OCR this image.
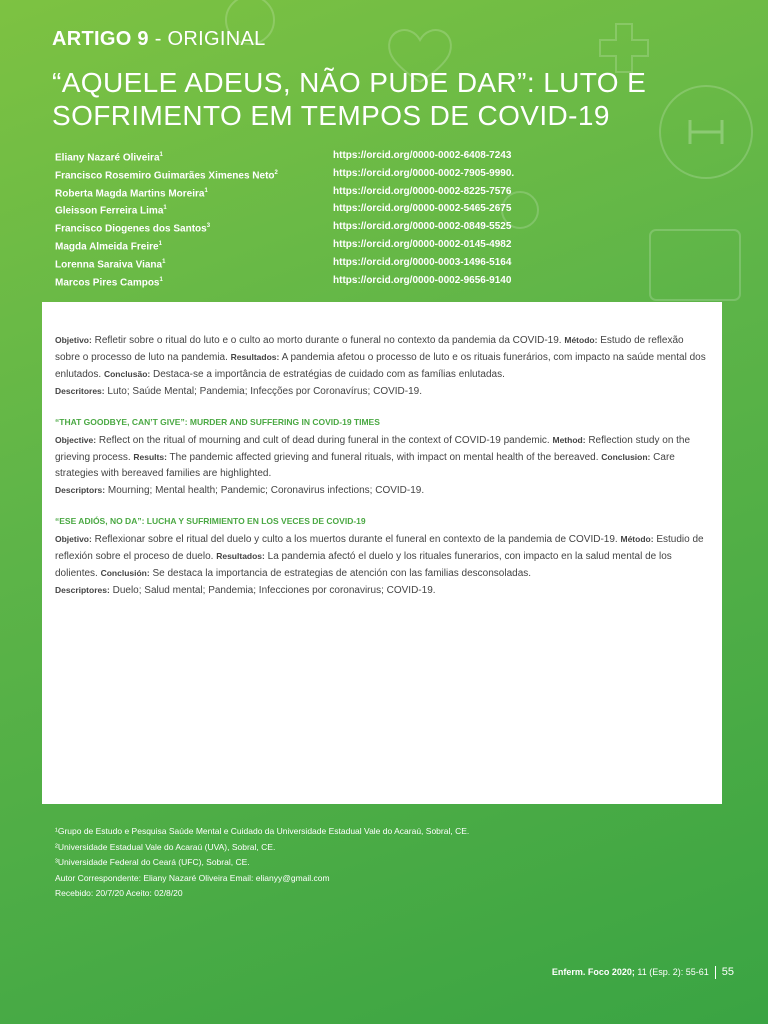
ARTIGO 9 - ORIGINAL
“AQUELE ADEUS, NÃO PUDE DAR”: LUTO E SOFRIMENTO EM TEMPOS DE COVID-19
Eliany Nazaré Oliveira$^1$	https://orcid.org/0000-0002-6408-7243
Francisco Rosemiro Guimarães Ximenes Neto$^2$	https://orcid.org/0000-0002-7905-9990.
Roberta Magda Martins Moreira$^1$	https://orcid.org/0000-0002-8225-7576
Gleisson Ferreira Lima$^1$	https://orcid.org/0000-0002-5465-2675
Francisco Diogenes dos Santos$^3$	https://orcid.org/0000-0002-0849-5525
Magda Almeida Freire$^1$	https://orcid.org/0000-0002-0145-4982
Lorenna Saraiva Viana$^1$	https://orcid.org/0000-0003-1496-5164
Marcos Pires Campos$^1$	https://orcid.org/0000-0002-9656-9140
Objetivo: Refletir sobre o ritual do luto e o culto ao morto durante o funeral no contexto da pandemia da COVID-19. Método: Estudo de reflexão sobre o processo de luto na pandemia. Resultados: A pandemia afetou o processo de luto e os rituais funerários, com impacto na saúde mental dos enlutados. Conclusão: Destaca-se a importância de estratégias de cuidado com as famílias enlutadas.
Descritores: Luto; Saúde Mental; Pandemia; Infecções por Coronavírus; COVID-19.
“THAT GOODBYE, CAN’T GIVE”: MURDER AND SUFFERING IN COVID-19 TIMES
Objective: Reflect on the ritual of mourning and cult of dead during funeral in the context of COVID-19 pandemic. Method: Reflection study on the grieving process. Results: The pandemic affected grieving and funeral rituals, with impact on mental health of the bereaved. Conclusion: Care strategies with bereaved families are highlighted.
Descriptors: Mourning; Mental health; Pandemic; Coronavirus infections; COVID-19.
“ESE ADIÓS, NO DA”: LUCHA Y SUFRIMIENTO EN LOS VECES DE COVID-19
Objetivo: Reflexionar sobre el ritual del duelo y culto a los muertos durante el funeral en contexto de la pandemia de COVID-19. Método: Estudio de reflexión sobre el proceso de duelo. Resultados: La pandemia afectó el duelo y los rituales funerarios, con impacto en la salud mental de los dolientes. Conclusión: Se destaca la importancia de estrategias de atención con las familias desconsoladas.
Descriptores: Duelo; Salud mental; Pandemia; Infecciones por coronavirus; COVID-19.
¹Grupo de Estudo e Pesquisa Saúde Mental e Cuidado da Universidade Estadual Vale do Acaraú, Sobral, CE.
²Universidade Estadual Vale do Acaraú (UVA), Sobral, CE.
³Universidade Federal do Ceará (UFC), Sobral, CE.
Autor Correspondente: Eliany Nazaré Oliveira Email: elianyy@gmail.com
Recebido: 20/7/20 Aceito: 02/8/20
Enferm. Foco 2020; 11 (Esp. 2): 55-61 55
